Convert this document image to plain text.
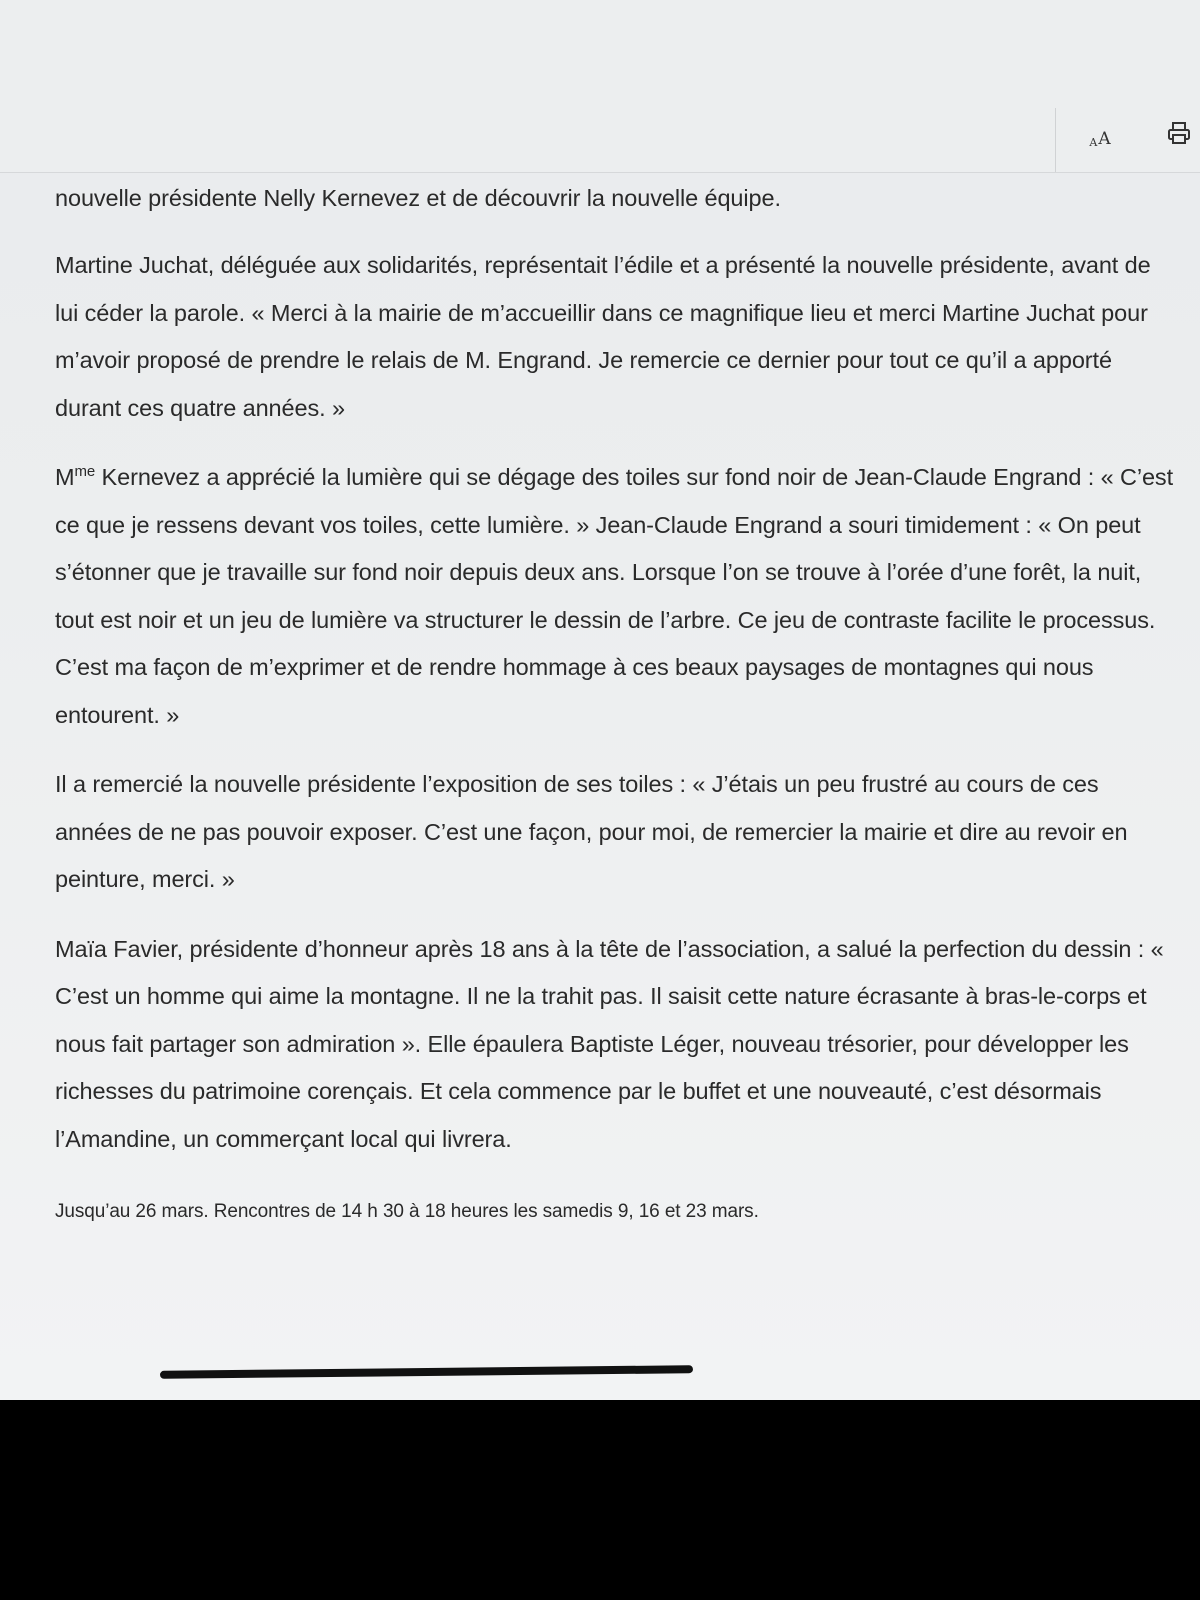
A A

nouvelle présidente Nelly Kernevez et de découvrir la nouvelle équipe.

Martine Juchat, déléguée aux solidarités, représentait l’édile et a présenté la nouvelle présidente, avant de lui céder la parole. « Merci à la mairie de m’accueillir dans ce magnifique lieu et merci Martine Juchat pour m’avoir proposé de prendre le relais de M. Engrand. Je remercie ce dernier pour tout ce qu’il a apporté durant ces quatre années. »

$M^{me}$ Kernevez a apprécié la lumière qui se dégage des toiles sur fond noir de Jean-Claude Engrand : « C’est ce que je ressens devant vos toiles, cette lumière. » Jean-Claude Engrand a souri timidement : « On peut s’étonner que je travaille sur fond noir depuis deux ans. Lorsque l’on se trouve à l’orée d’une forêt, la nuit, tout est noir et un jeu de lumière va structurer le dessin de l’arbre. Ce jeu de contraste facilite le processus. C’est ma façon de m’exprimer et de rendre hommage à ces beaux paysages de montagnes qui nous entourent. »

Il a remercié la nouvelle présidente l’exposition de ses toiles : « J’étais un peu frustré au cours de ces années de ne pas pouvoir exposer. C’est une façon, pour moi, de remercier la mairie et dire au revoir en peinture, merci. »

Maïa Favier, présidente d’honneur après 18 ans à la tête de l’association, a salué la perfection du dessin : « C’est un homme qui aime la montagne. Il ne la trahit pas. Il saisit cette nature écrasante à bras-le-corps et nous fait partager son admiration ». Elle épaulera Baptiste Léger, nouveau trésorier, pour développer les richesses du patrimoine corençais. Et cela commence par le buffet et une nouveauté, c’est désormais l’Amandine, un commerçant local qui livrera.

Jusqu’au 26 mars. Rencontres de 14 h 30 à 18 heures les samedis 9, 16 et 23 mars.
